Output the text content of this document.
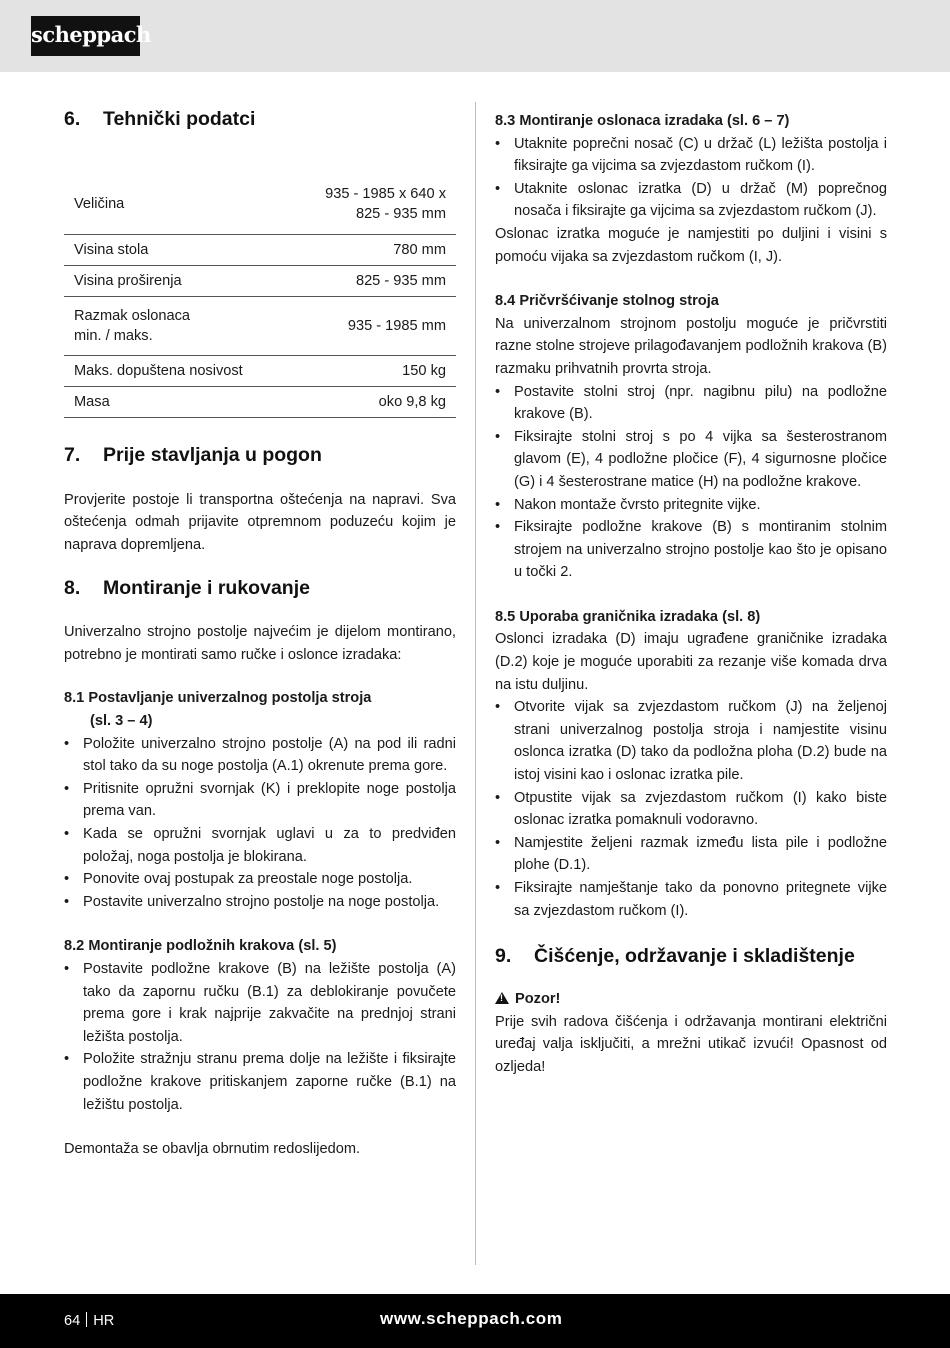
scheppach
6.	Tehnički podatci
Veličina	935 - 1985 x 640 x
825 - 935 mm

Visina stola	780 mm
Visina proširenja	825 - 935 mm

Razmak oslonaca
min. / maks.	935 - 1985 mm
Maks. dopuštena nosivost	150 kg
Masa	oko 9,8 kg
7.	Prije stavljanja u pogon

Provjerite postoje li transportna oštećenja na napravi. Sva oštećenja odmah prijavite otpremnom poduzeću kojim je naprava dopremljena.

8.	Montiranje i rukovanje

Univerzalno strojno postolje najvećim je dijelom montirano, potrebno je montirati samo ručke i oslonce izradaka:

8.1 Postavljanje univerzalnog postolja stroja
(sl. 3 – 4)
• Položite univerzalno strojno postolje (A) na pod ili radni stol tako da su noge postolja (A.1) okrenute prema gore.
• Pritisnite opružni svornjak (K) i preklopite noge postolja prema van.
• Kada se opružni svornjak uglavi u za to predviđen položaj, noga postolja je blokirana.
• Ponovite ovaj postupak za preostale noge postolja.
• Postavite univerzalno strojno postolje na noge postolja.
8.2 Montiranje podložnih krakova (sl. 5)
• Postavite podložne krakove (B) na ležište postolja (A) tako da zapornu ručku (B.1) za deblokiranje povučete prema gore i krak najprije zakvačite na prednjoj strani ležišta postolja.
• Položite stražnju stranu prema dolje na ležište i fiksirajte podložne krakove pritiskanjem zaporne ručke (B.1) na ležištu postolja.

Demontaža se obavlja obrnutim redoslijedom.

8.3 Montiranje oslonaca izradaka (sl. 6 – 7)
• Utaknite poprečni nosač (C) u držač (L) ležišta postolja i fiksirajte ga vijcima sa zvjezdastom ručkom (I).
• Utaknite oslonac izratka (D) u držač (M) poprečnog nosača i fiksirajte ga vijcima sa zvjezdastom ručkom (J).

Oslonac izratka moguće je namjestiti po duljini i visini s pomoću vijaka sa zvjezdastom ručkom (I, J).

8.4 Pričvršćivanje stolnog stroja

Na univerzalnom strojnom postolju moguće je pričvrstiti razne stolne strojeve prilagođavanjem podložnih krakova (B) razmaku prihvatnih provrta stroja.

• Postavite stolni stroj (npr. nagibnu pilu) na podložne krakove (B).
• Fiksirajte stolni stroj s po 4 vijka sa šesterostranom glavom (E), 4 podložne pločice (F), 4 sigurnosne pločice (G) i 4 šesterostrane matice (H) na podložne krakove.
• Nakon montaže čvrsto pritegnite vijke.
• Fiksirajte podložne krakove (B) s montiranim stolnim strojem na univerzalno strojno postolje kao što je opisano u točki 2.
8.5 Uporaba graničnika izradaka (sl. 8)

Oslonci izradaka (D) imaju ugrađene graničnike izradaka (D.2) koje je moguće uporabiti za rezanje više komada drva na istu duljinu.

• Otvorite vijak sa zvjezdastom ručkom (J) na željenoj strani univerzalnog postolja stroja i namjestite visinu oslonca izratka (D) tako da podložna ploha (D.2) bude na istoj visini kao i oslonac izratka pile.
• Otpustite vijak sa zvjezdastom ručkom (I) kako biste oslonac izratka pomaknuli vodoravno.
• Namjestite željeni razmak između lista pile i podložne plohe (D.1).
• Fiksirajte namještanje tako da ponovno pritegnete vijke sa zvjezdastom ručkom (I).
9.	Čišćenje, održavanje i skladištenje
!Pozor!

Prije svih radova čišćenja i održavanja montirani električni uređaj valja isključiti, a mrežni utikač izvući! Opasnost od ozljeda!

64 HR	www.scheppach.com
